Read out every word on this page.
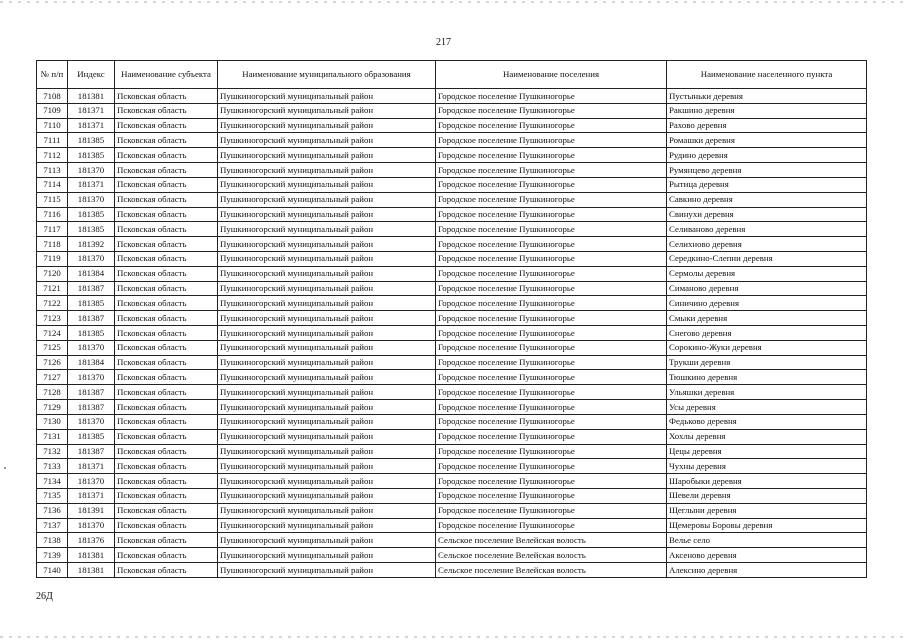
217
№ п/п	Индекс	Наименование субъекта	Наименование муниципального образования	Наименование поселения	Наименование населенного пункта
7108	181381	Псковская область	Пушкиногорский муниципальный район	Городское поселение Пушкиногорье	Пустыньки деревня
7109	181371	Псковская область	Пушкиногорский муниципальный район	Городское поселение Пушкиногорье	Ракшино деревня
7110	181371	Псковская область	Пушкиногорский муниципальный район	Городское поселение Пушкиногорье	Рахово деревня
7111	181385	Псковская область	Пушкиногорский муниципальный район	Городское поселение Пушкиногорье	Ромашки деревня
7112	181385	Псковская область	Пушкиногорский муниципальный район	Городское поселение Пушкиногорье	Рудино деревня
7113	181370	Псковская область	Пушкиногорский муниципальный район	Городское поселение Пушкиногорье	Румянцево деревня
7114	181371	Псковская область	Пушкиногорский муниципальный район	Городское поселение Пушкиногорье	Рытица деревня
7115	181370	Псковская область	Пушкиногорский муниципальный район	Городское поселение Пушкиногорье	Савкино деревня
7116	181385	Псковская область	Пушкиногорский муниципальный район	Городское поселение Пушкиногорье	Свинухи деревня
7117	181385	Псковская область	Пушкиногорский муниципальный район	Городское поселение Пушкиногорье	Селиваново деревня
7118	181392	Псковская область	Пушкиногорский муниципальный район	Городское поселение Пушкиногорье	Селихново деревня
7119	181370	Псковская область	Пушкиногорский муниципальный район	Городское поселение Пушкиногорье	Середкино-Слепни деревня
7120	181384	Псковская область	Пушкиногорский муниципальный район	Городское поселение Пушкиногорье	Сермолы деревня
7121	181387	Псковская область	Пушкиногорский муниципальный район	Городское поселение Пушкиногорье	Симаново деревня
7122	181385	Псковская область	Пушкиногорский муниципальный район	Городское поселение Пушкиногорье	Синичино деревня
7123	181387	Псковская область	Пушкиногорский муниципальный район	Городское поселение Пушкиногорье	Смыки деревня
7124	181385	Псковская область	Пушкиногорский муниципальный район	Городское поселение Пушкиногорье	Снегово деревня
7125	181370	Псковская область	Пушкиногорский муниципальный район	Городское поселение Пушкиногорье	Сорокино-Жуки деревня
7126	181384	Псковская область	Пушкиногорский муниципальный район	Городское поселение Пушкиногорье	Трукши деревня
7127	181370	Псковская область	Пушкиногорский муниципальный район	Городское поселение Пушкиногорье	Тюшкино деревня
7128	181387	Псковская область	Пушкиногорский муниципальный район	Городское поселение Пушкиногорье	Ульяшки деревня
7129	181387	Псковская область	Пушкиногорский муниципальный район	Городское поселение Пушкиногорье	Усы деревня
7130	181370	Псковская область	Пушкиногорский муниципальный район	Городское поселение Пушкиногорье	Федьково деревня
7131	181385	Псковская область	Пушкиногорский муниципальный район	Городское поселение Пушкиногорье	Хохлы деревня
7132	181387	Псковская область	Пушкиногорский муниципальный район	Городское поселение Пушкиногорье	Цецы деревня
7133	181371	Псковская область	Пушкиногорский муниципальный район	Городское поселение Пушкиногорье	Чухны деревня
7134	181370	Псковская область	Пушкиногорский муниципальный район	Городское поселение Пушкиногорье	Шаробыки деревня
7135	181371	Псковская область	Пушкиногорский муниципальный район	Городское поселение Пушкиногорье	Шевели деревня
7136	181391	Псковская область	Пушкиногорский муниципальный район	Городское поселение Пушкиногорье	Щеглыни деревня
7137	181370	Псковская область	Пушкиногорский муниципальный район	Городское поселение Пушкиногорье	Щемеровы Боровы деревня
7138	181376	Псковская область	Пушкиногорский муниципальный район	Сельское поселение Велейская волость	Велье село
7139	181381	Псковская область	Пушкиногорский муниципальный район	Сельское поселение Велейская волость	Аксеново деревня
7140	181381	Псковская область	Пушкиногорский муниципальный район	Сельское поселение Велейская волость	Алексино деревня
26Д
